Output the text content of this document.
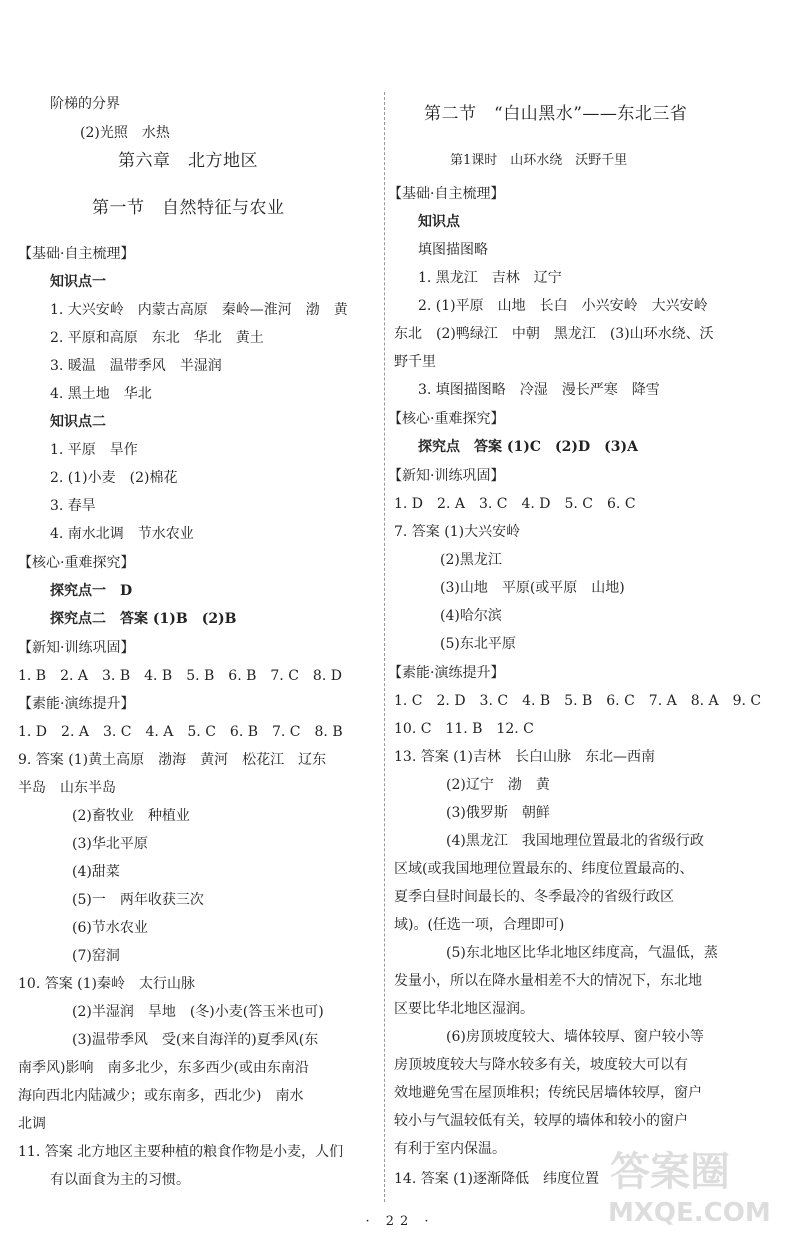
阶梯的分界
(2)光照　水热
第六章　北方地区
第一节　自然特征与农业
【基础·自主梳理】
知识点一
1. 大兴安岭　内蒙古高原　秦岭—淮河　渤　黄
2. 平原和高原　东北　华北　黄土
3. 暖温　温带季风　半湿润
4. 黑土地　华北
知识点二
1. 平原　旱作
2. (1)小麦　(2)棉花
3. 春旱
4. 南水北调　节水农业
【核心·重难探究】
探究点一　D
探究点二　答案 (1)B　(2)B
【新知·训练巩固】
1. B　2. A　3. B　4. B　5. B　6. B　7. C　8. D
【素能·演练提升】
1. D　2. A　3. C　4. A　5. C　6. B　7. C　8. B
9. 答案 (1)黄土高原　渤海　黄河　松花江　辽东
半岛　山东半岛
(2)畜牧业　种植业
(3)华北平原
(4)甜菜
(5)一　两年收获三次
(6)节水农业
(7)窑洞
10. 答案 (1)秦岭　太行山脉
(2)半湿润　旱地　(冬)小麦(答玉米也可)
(3)温带季风　受(来自海洋的)夏季风(东
南季风)影响　南多北少，东多西少(或由东南沿
海向西北内陆减少；或东南多，西北少)　南水
北调
11. 答案 北方地区主要种植的粮食作物是小麦，人们
有以面食为主的习惯。
第二节　“白山黑水”——东北三省
第1课时　山环水绕　沃野千里
【基础·自主梳理】
知识点
填图描图略
1. 黑龙江　吉林　辽宁
2. (1)平原　山地　长白　小兴安岭　大兴安岭
东北　(2)鸭绿江　中朝　黑龙江　(3)山环水绕、沃
野千里
3. 填图描图略　冷湿　漫长严寒　降雪
【核心·重难探究】
探究点　答案 (1)C　(2)D　(3)A
【新知·训练巩固】
1. D　2. A　3. C　4. D　5. C　6. C
7. 答案 (1)大兴安岭
(2)黑龙江
(3)山地　平原(或平原　山地)
(4)哈尔滨
(5)东北平原
【素能·演练提升】
1. C　2. D　3. C　4. B　5. B　6. C　7. A　8. A　9. C
10. C　11. B　12. C
13. 答案 (1)吉林　长白山脉　东北—西南
(2)辽宁　渤　黄
(3)俄罗斯　朝鲜
(4)黑龙江　我国地理位置最北的省级行政
区域(或我国地理位置最东的、纬度位置最高的、
夏季白昼时间最长的、冬季最冷的省级行政区
域)。(任选一项，合理即可)
(5)东北地区比华北地区纬度高，气温低，蒸
发量小，所以在降水量相差不大的情况下，东北地
区要比华北地区湿润。
(6)房顶坡度较大、墙体较厚、窗户较小等
房顶坡度较大与降水较多有关，坡度较大可以有
效地避免雪在屋顶堆积；传统民居墙体较厚，窗户
较小与气温较低有关，较厚的墙体和较小的窗户
有利于室内保温。
14. 答案 (1)逐渐降低　纬度位置
· 22 ·
答案圈
MXQE.COM
